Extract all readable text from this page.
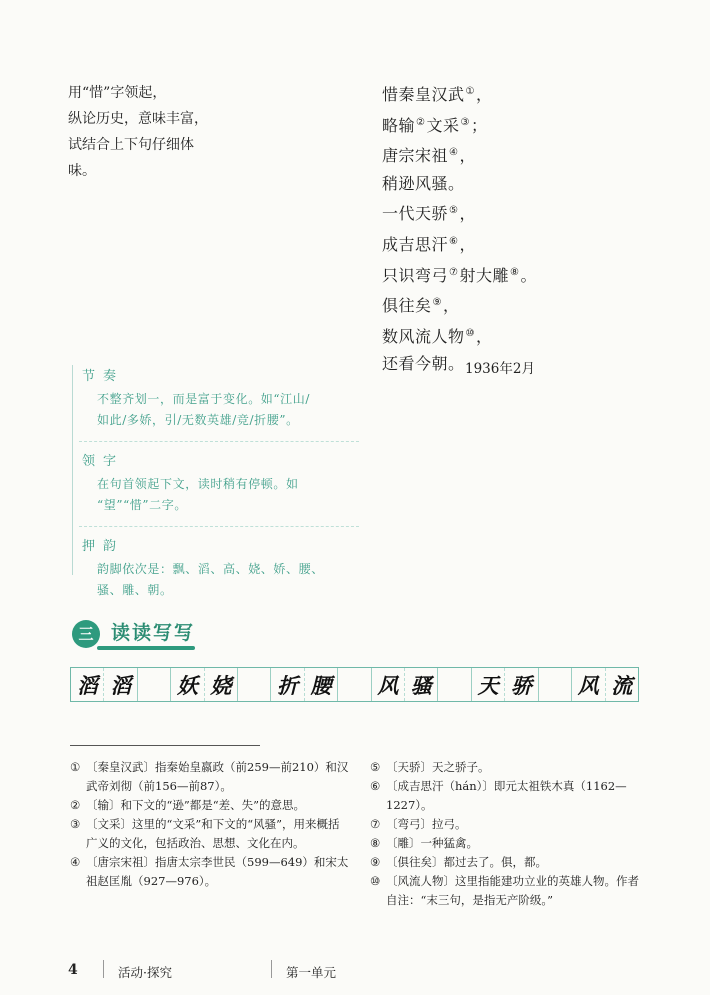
用“惜”字领起，
纵论历史，意味丰富，
试结合上下句仔细体
味。
惜秦皇汉武①，
略输②文采③；
唐宗宋祖④，
稍逊风骚。
一代天骄⑤，
成吉思汗⑥，
只识弯弓⑦射大雕⑧。
俱往矣⑨，
数风流人物⑩，
还看今朝。 1936年2月
节奏
不整齐划一，而是富于变化。如“江山/
如此/多娇，引/无数英雄/竞/折腰”。
领字
在句首领起下文，读时稍有停顿。如
“望”“惜”二字。
押韵
韵脚依次是：飘、滔、高、娆、娇、腰、
骚、雕、朝。
三 读读写写
滔 滔	妖 娆	折 腰	风 骚	天 骄	风 流
① 〔秦皇汉武〕指秦始皇嬴政（前259—前210）和汉武帝刘彻（前156—前87）。
② 〔输〕和下文的“逊”都是“差、失”的意思。
③ 〔文采〕这里的“文采”和下文的“风骚”，用来概括广义的文化，包括政治、思想、文化在内。
④ 〔唐宗宋祖〕指唐太宗李世民（599—649）和宋太祖赵匡胤（927—976）。
⑤ 〔天骄〕天之骄子。
⑥ 〔成吉思汗（hán）〕即元太祖铁木真（1162—1227）。
⑦ 〔弯弓〕拉弓。
⑧ 〔雕〕一种猛禽。
⑨ 〔俱往矣〕都过去了。俱，都。
⑩ 〔风流人物〕这里指能建功立业的英雄人物。作者自注：“末三句，是指无产阶级。”
4	活动·探究	第一单元
